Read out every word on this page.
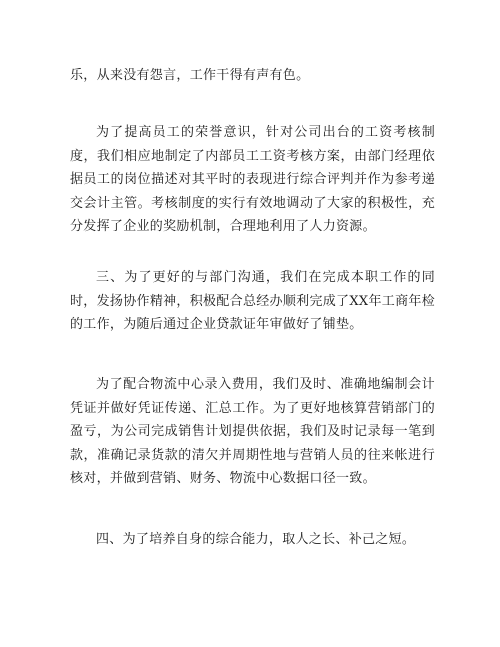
乐，从来没有怨言，工作干得有声有色。

为了提高员工的荣誉意识，针对公司出台的工资考核制度，我们相应地制定了内部员工工资考核方案，由部门经理依据员工的岗位描述对其平时的表现进行综合评判并作为参考递交会计主管。考核制度的实行有效地调动了大家的积极性，充分发挥了企业的奖励机制，合理地利用了人力资源。

三、为了更好的与部门沟通，我们在完成本职工作的同时，发扬协作精神，积极配合总经办顺利完成了XX年工商年检的工作，为随后通过企业贷款证年审做好了铺垫。

为了配合物流中心录入费用，我们及时、准确地编制会计凭证并做好凭证传递、汇总工作。为了更好地核算营销部门的盈亏，为公司完成销售计划提供依据，我们及时记录每一笔到款，准确记录货款的清欠并周期性地与营销人员的往来帐进行核对，并做到营销、财务、物流中心数据口径一致。

四、为了培养自身的综合能力，取人之长、补己之短。
